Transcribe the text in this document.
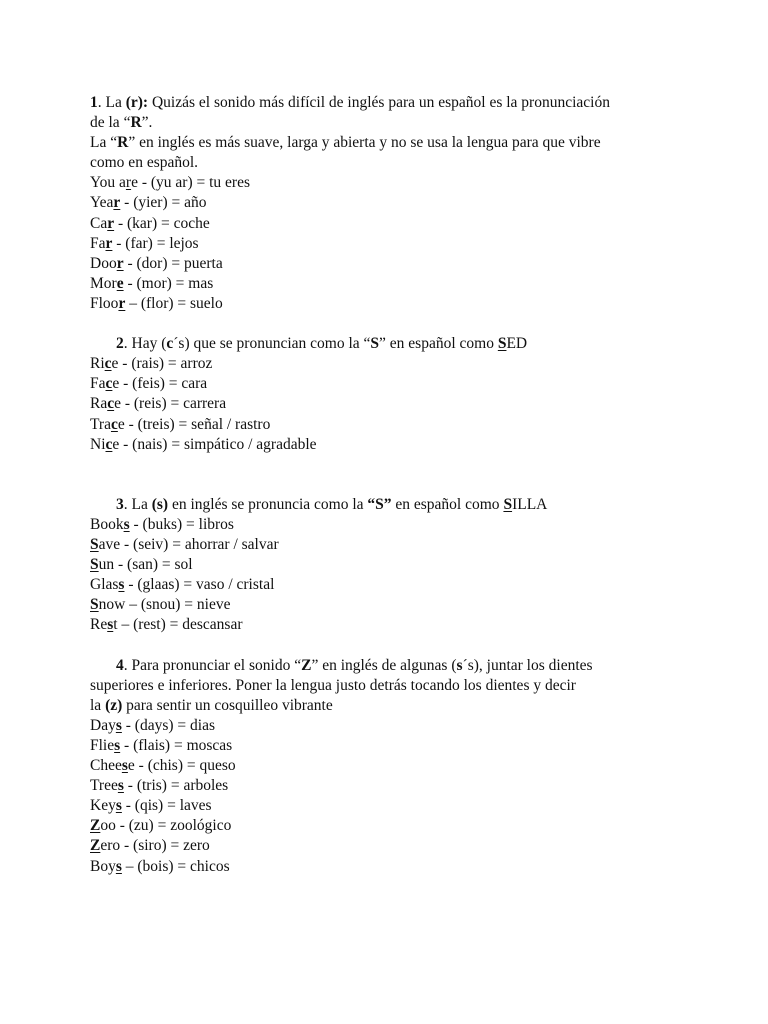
1. La (r): Quizás el sonido más difícil de inglés para un español es la pronunciación
de la “R”.
La “R” en inglés es más suave, larga y abierta y no se usa la lengua para que vibre
como en español.
You are - (yu ar) = tu eres
Year - (yier) = año
Car - (kar) = coche
Far - (far) = lejos
Door - (dor) = puerta
More - (mor) = mas
Floor – (flor) = suelo
2. Hay (c´s) que se pronuncian como la “S” en español como SED
Rice - (rais) = arroz
Face - (feis) = cara
Race - (reis) = carrera
Trace - (treis) = señal / rastro
Nice - (nais) = simpático / agradable
3. La (s) en inglés se pronuncia como la “S” en español como SILLA
Books - (buks) = libros
Save - (seiv) = ahorrar / salvar
Sun - (san) = sol
Glass - (glaas) = vaso / cristal
Snow – (snou) = nieve
Rest – (rest) = descansar
4. Para pronunciar el sonido “Z” en inglés de algunas (s´s), juntar los dientes
superiores e inferiores. Poner la lengua justo detrás tocando los dientes y decir
la (z) para sentir un cosquilleo vibrante
Days - (days) = dias
Flies - (flais) = moscas
Cheese - (chis) = queso
Trees - (tris) = arboles
Keys - (qis) = laves
Zoo - (zu) = zoológico
Zero - (siro) = zero
Boys – (bois) = chicos
